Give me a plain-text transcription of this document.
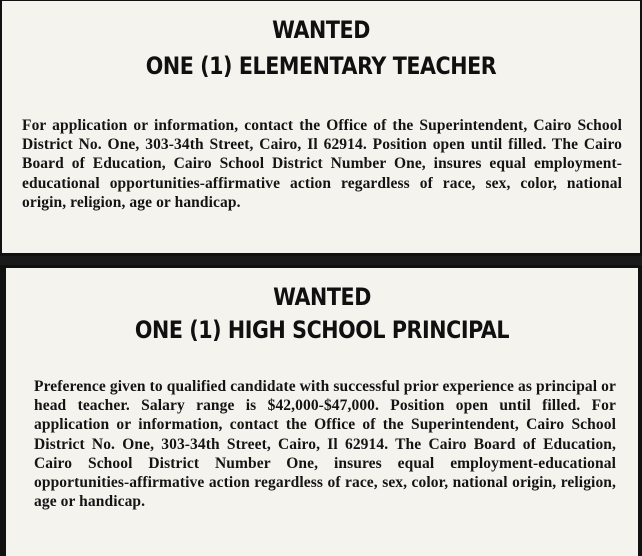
WANTED
ONE (1) ELEMENTARY TEACHER

For application or information, contact the Office of the Superintendent, Cairo School District No. One, 303-34th Street, Cairo, Il 62914. Position open until filled. The Cairo Board of Education, Cairo School District Number One, insures equal employment-educational opportunities-affirmative action regardless of race, sex, color, national origin, religion, age or handicap.

WANTED
ONE (1) HIGH SCHOOL PRINCIPAL

Preference given to qualified candidate with successful prior experience as principal or head teacher. Salary range is $42,000-$47,000. Position open until filled. For application or information, contact the Office of the Superintendent, Cairo School District No. One, 303-34th Street, Cairo, Il 62914. The Cairo Board of Education, Cairo School District Number One, insures equal employment-educational opportunities-affirmative action regardless of race, sex, color, national origin, religion, age or handicap.
